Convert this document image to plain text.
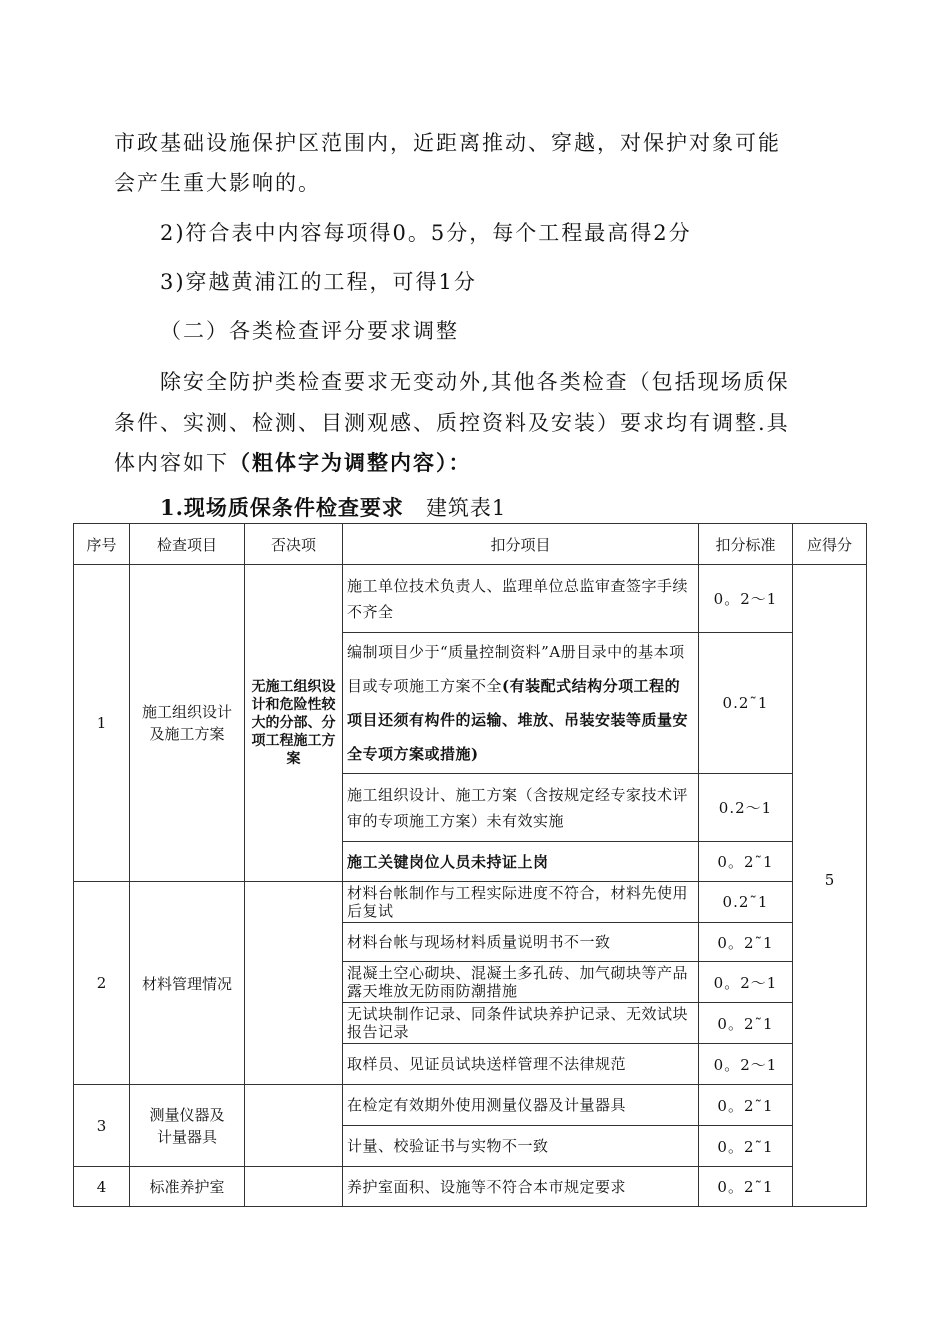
市政基础设施保护区范围内，近距离推动、穿越，对保护对象可能
会产生重大影响的。
2)符合表中内容每项得0。5分，每个工程最高得2分
3)穿越黄浦江的工程，可得1分
（二）各类检查评分要求调整
除安全防护类检查要求无变动外,其他各类检查（包括现场质保
条件、实测、检测、目测观感、质控资料及安装）要求均有调整.具
体内容如下（粗体字为调整内容）：
1.现场质保条件检查要求 建筑表1
序号	检查项目	否决项	扣分项目	扣分标准	应得分
1	施工组织设计及施工方案	无施工组织设计和危险性较大的分部、分项工程施工方案	施工单位技术负责人、监理单位总监审查签字手续不齐全	0。2～1	5
			编制项目少于“质量控制资料”A册目录中的基本项目或专项施工方案不全(有装配式结构分项工程的项目还须有构件的运输、堆放、吊装安装等质量安全专项方案或措施)	0.2˜1	
			施工组织设计、施工方案（含按规定经专家技术评审的专项施工方案）未有效实施	0.2～1	
			施工关键岗位人员未持证上岗	0。2˜1	
2	材料管理情况		材料台帐制作与工程实际进度不符合，材料先使用后复试	0.2˜1	
			材料台帐与现场材料质量说明书不一致	0。2˜1	
			混凝土空心砌块、混凝土多孔砖、加气砌块等产品露天堆放无防雨防潮措施	0。2～1	
			无试块制作记录、同条件试块养护记录、无效试块报告记录	0。2˜1	
			取样员、见证员试块送样管理不法律规范	0。2～1	
3	测量仪器及计量器具		在检定有效期外使用测量仪器及计量器具	0。2˜1	
			计量、校验证书与实物不一致	0。2˜1	
4	标准养护室		养护室面积、设施等不符合本市规定要求	0。2˜1	
